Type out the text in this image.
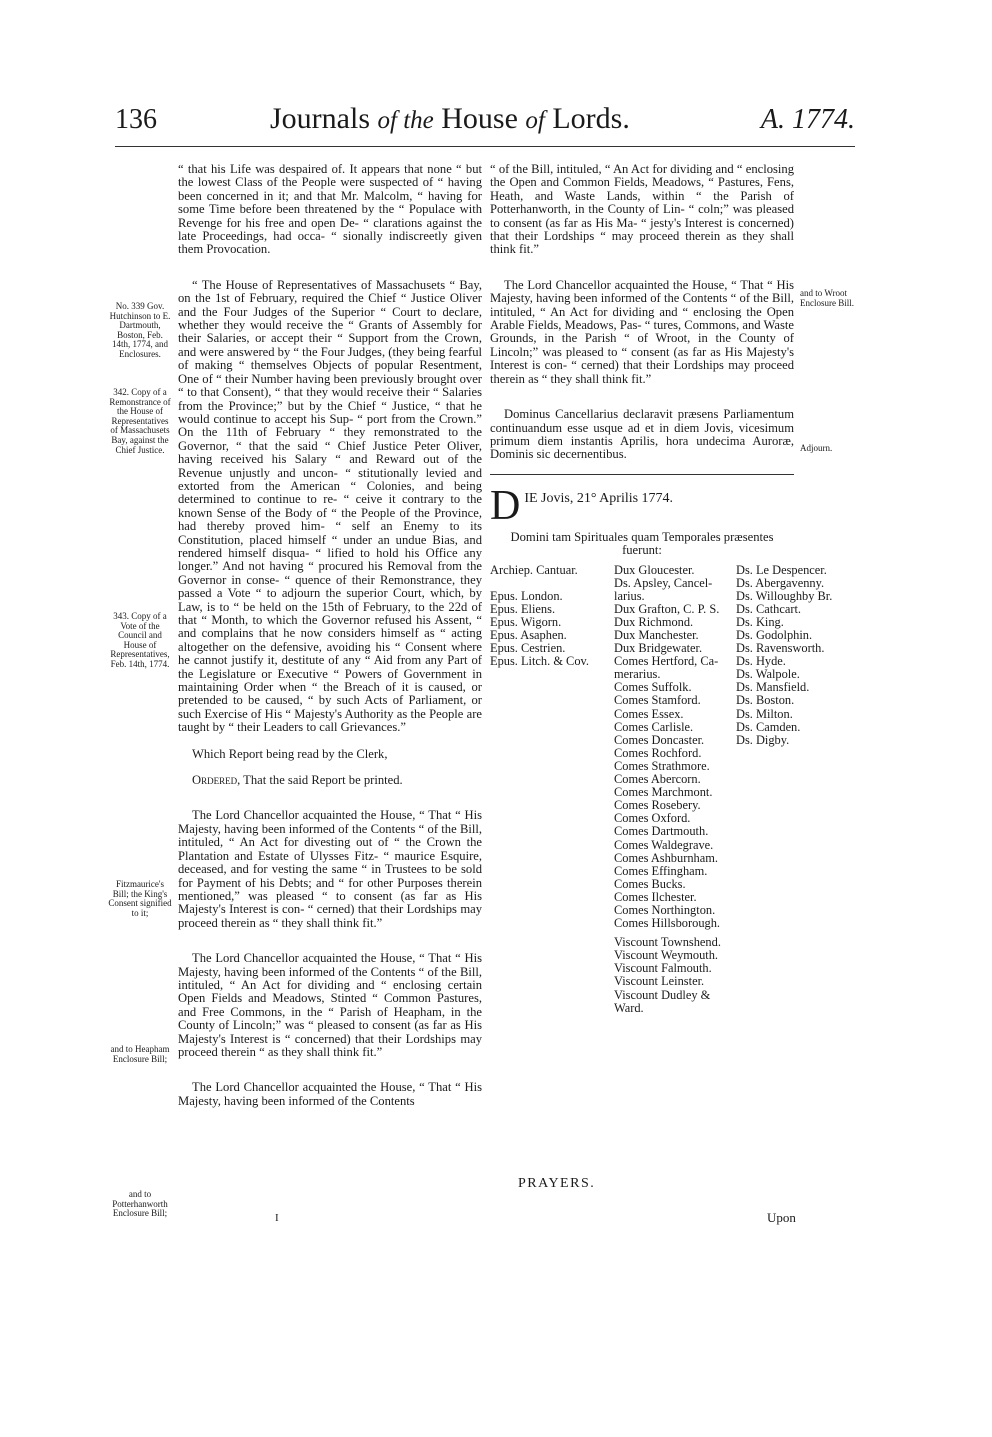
136	Journals of the House of Lords.	A. 1774.
No. 339 Gov. Hutchinson to E. Dartmouth, Boston, Feb. 14th, 1774, and Enclosures.
342. Copy of a Remonstrance of the House of Representatives of Massachusets Bay, against the Chief Justice.
343. Copy of a Vote of the Council and House of Representatives, Feb. 14th, 1774.
Fitzmaurice's Bill; the King's Consent signified to it;
and to Heapham Enclosure Bill;
and to Potterhanworth Enclosure Bill;
and to Wroot Enclosure Bill.
Adjourn.

“ that his Life was despaired of. It appears that none “ but the lowest Class of the People were suspected of “ having been concerned in it; and that Mr. Malcolm, “ having for some Time before been threatened by the “ Populace with Revenge for his free and open De- “ clarations against the late Proceedings, had occa- “ sionally indiscreetly given them Provocation.

“ The House of Representatives of Massachusets “ Bay, on the 1st of February, required the Chief “ Justice Oliver and the Four Judges of the Superior “ Court to declare, whether they would receive the “ Grants of Assembly for their Salaries, or accept their “ Support from the Crown, and were answered by “ the Four Judges, (they being fearful of making “ themselves Objects of popular Resentment, One of “ their Number having been previously brought over “ to that Consent), “ that they would receive their “ Salaries from the Province;” but by the Chief “ Justice, “ that he would continue to accept his Sup- “ port from the Crown.” On the 11th of February “ they remonstrated to the Governor, “ that the said “ Chief Justice Peter Oliver, having received his Salary “ and Reward out of the Revenue unjustly and uncon- “ stitutionally levied and extorted from the American “ Colonies, and being determined to continue to re- “ ceive it contrary to the known Sense of the Body of “ the People of the Province, had thereby proved him- “ self an Enemy to its Constitution, placed himself “ under an undue Bias, and rendered himself disqua- “ lified to hold his Office any longer.” And not having “ procured his Removal from the Governor in conse- “ quence of their Remonstrance, they passed a Vote “ to adjourn the superior Court, which, by Law, is to “ be held on the 15th of February, to the 22d of that “ Month, to which the Governor refused his Assent, “ and complains that he now considers himself as “ acting altogether on the defensive, avoiding his “ Consent where he cannot justify it, destitute of any “ Aid from any Part of the Legislature or Executive “ Powers of Government in maintaining Order when “ the Breach of it is caused, or pretended to be caused, “ by such Acts of Parliament, or such Exercise of His “ Majesty's Authority as the People are taught by “ their Leaders to call Grievances.”

Which Report being read by the Clerk,

Ordered, That the said Report be printed.

The Lord Chancellor acquainted the House, “ That “ His Majesty, having been informed of the Contents “ of the Bill, intituled, “ An Act for divesting out of “ the Crown the Plantation and Estate of Ulysses Fitz- “ maurice Esquire, deceased, and for vesting the same “ in Trustees to be sold for Payment of his Debts; and “ for other Purposes therein mentioned,” was pleased “ to consent (as far as His Majesty's Interest is con- “ cerned) that their Lordships may proceed therein as “ they shall think fit.”

The Lord Chancellor acquainted the House, “ That “ His Majesty, having been informed of the Contents “ of the Bill, intituled, “ An Act for dividing and “ enclosing certain Open Fields and Meadows, Stinted “ Common Pastures, and Free Commons, in the “ Parish of Heapham, in the County of Lincoln;” was “ pleased to consent (as far as His Majesty's Interest is “ concerned) that their Lordships may proceed therein “ as they shall think fit.”

The Lord Chancellor acquainted the House, “ That “ His Majesty, having been informed of the Contents

“ of the Bill, intituled, “ An Act for dividing and “ enclosing the Open and Common Fields, Meadows, “ Pastures, Fens, Heath, and Waste Lands, within “ the Parish of Potterhanworth, in the County of Lin- “ coln;” was pleased to consent (as far as His Ma- “ jesty's Interest is concerned) that their Lordships “ may proceed therein as they shall think fit.”

The Lord Chancellor acquainted the House, “ That “ His Majesty, having been informed of the Contents “ of the Bill, intituled, “ An Act for dividing and “ enclosing the Open Arable Fields, Meadows, Pas- “ tures, Commons, and Waste Grounds, in the Parish “ of Wroot, in the County of Lincoln;” was pleased to “ consent (as far as His Majesty's Interest is con- “ cerned) that their Lordships may proceed therein as “ they shall think fit.”

Dominus Cancellarius declaravit præsens Parliamentum continuandum esse usque ad et in diem Jovis, vicesimum primum diem instantis Aprilis, hora undecima Auroræ, Dominis sic decernentibus.

D IE Jovis, 21° Aprilis 1774.
Domini tam Spirituales quam Temporales præsentes fuerunt:
Archiep. Cantuar.

Epus. London.
Epus. Eliens.
Epus. Wigorn.
Epus. Asaphen.
Epus. Cestrien.
Epus. Litch. & Cov.
Dux Gloucester.
Ds. Apsley, Cancel-
larius.
Dux Grafton, C. P. S.
Dux Richmond.
Dux Manchester.
Dux Bridgewater.
Comes Hertford, Ca-
merarius.
Comes Suffolk.
Comes Stamford.
Comes Essex.
Comes Carlisle.
Comes Doncaster.
Comes Rochford.
Comes Strathmore.
Comes Abercorn.
Comes Marchmont.
Comes Rosebery.
Comes Oxford.
Comes Dartmouth.
Comes Waldegrave.
Comes Ashburnham.
Comes Effingham.
Comes Bucks.
Comes Ilchester.
Comes Northington.
Comes Hillsborough.
Viscount Townshend.
Viscount Weymouth.
Viscount Falmouth.
Viscount Leinster.
Viscount Dudley &
Ward.
Ds. Le Despencer.
Ds. Abergavenny.
Ds. Willoughby Br.
Ds. Cathcart.
Ds. King.
Ds. Godolphin.
Ds. Ravensworth.
Ds. Hyde.
Ds. Walpole.
Ds. Mansfield.
Ds. Boston.
Ds. Milton.
Ds. Camden.
Ds. Digby.
PRAYERS.
Upon
I
